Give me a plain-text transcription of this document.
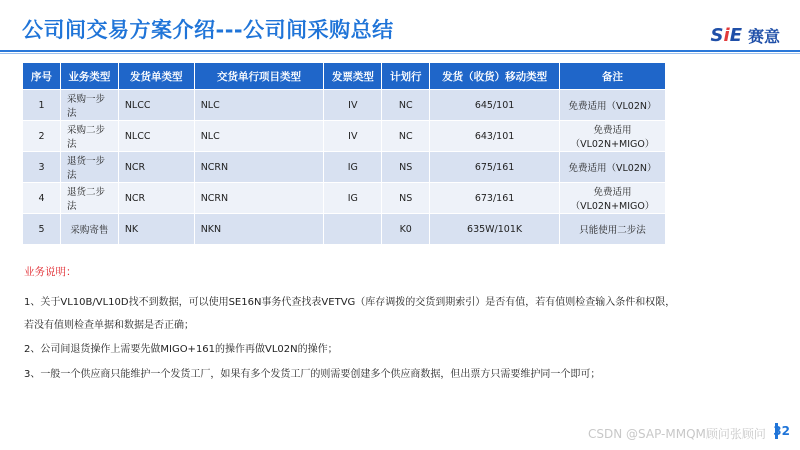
公司间交易方案介绍---公司间采购总结	SiE 赛意
序号	业务类型	发货单类型	交货单行项目类型	发票类型	计划行	发货（收货）移动类型	备注
1	采购一步法	NLCC	NLC	IV	NC	645/101	免费适用（VL02N）
2	采购二步法	NLCC	NLC	IV	NC	643/101	免费适用（VL02N+MIGO）
3	退货一步法	NCR	NCRN	IG	NS	675/161	免费适用（VL02N）
4	退货二步法	NCR	NCRN	IG	NS	673/161	免费适用（VL02N+MIGO）
5	采购寄售	NK	NKN		K0	635W/101K	只能使用二步法
业务说明：
1、关于VL10B/VL10D找不到数据，可以使用SE16N事务代查找表VETVG（库存调拨的交货到期索引）是否有值，若有值则检查输入条件和权限，
若没有值则检查单据和数据是否正确；
2、公司间退货操作上需要先做MIGO+161的操作再做VL02N的操作；
3、一般一个供应商只能维护一个发货工厂，如果有多个发货工厂的则需要创建多个供应商数据，但出票方只需要维护同一个即可；
CSDN @SAP-MMQM顾问张顾问 32
